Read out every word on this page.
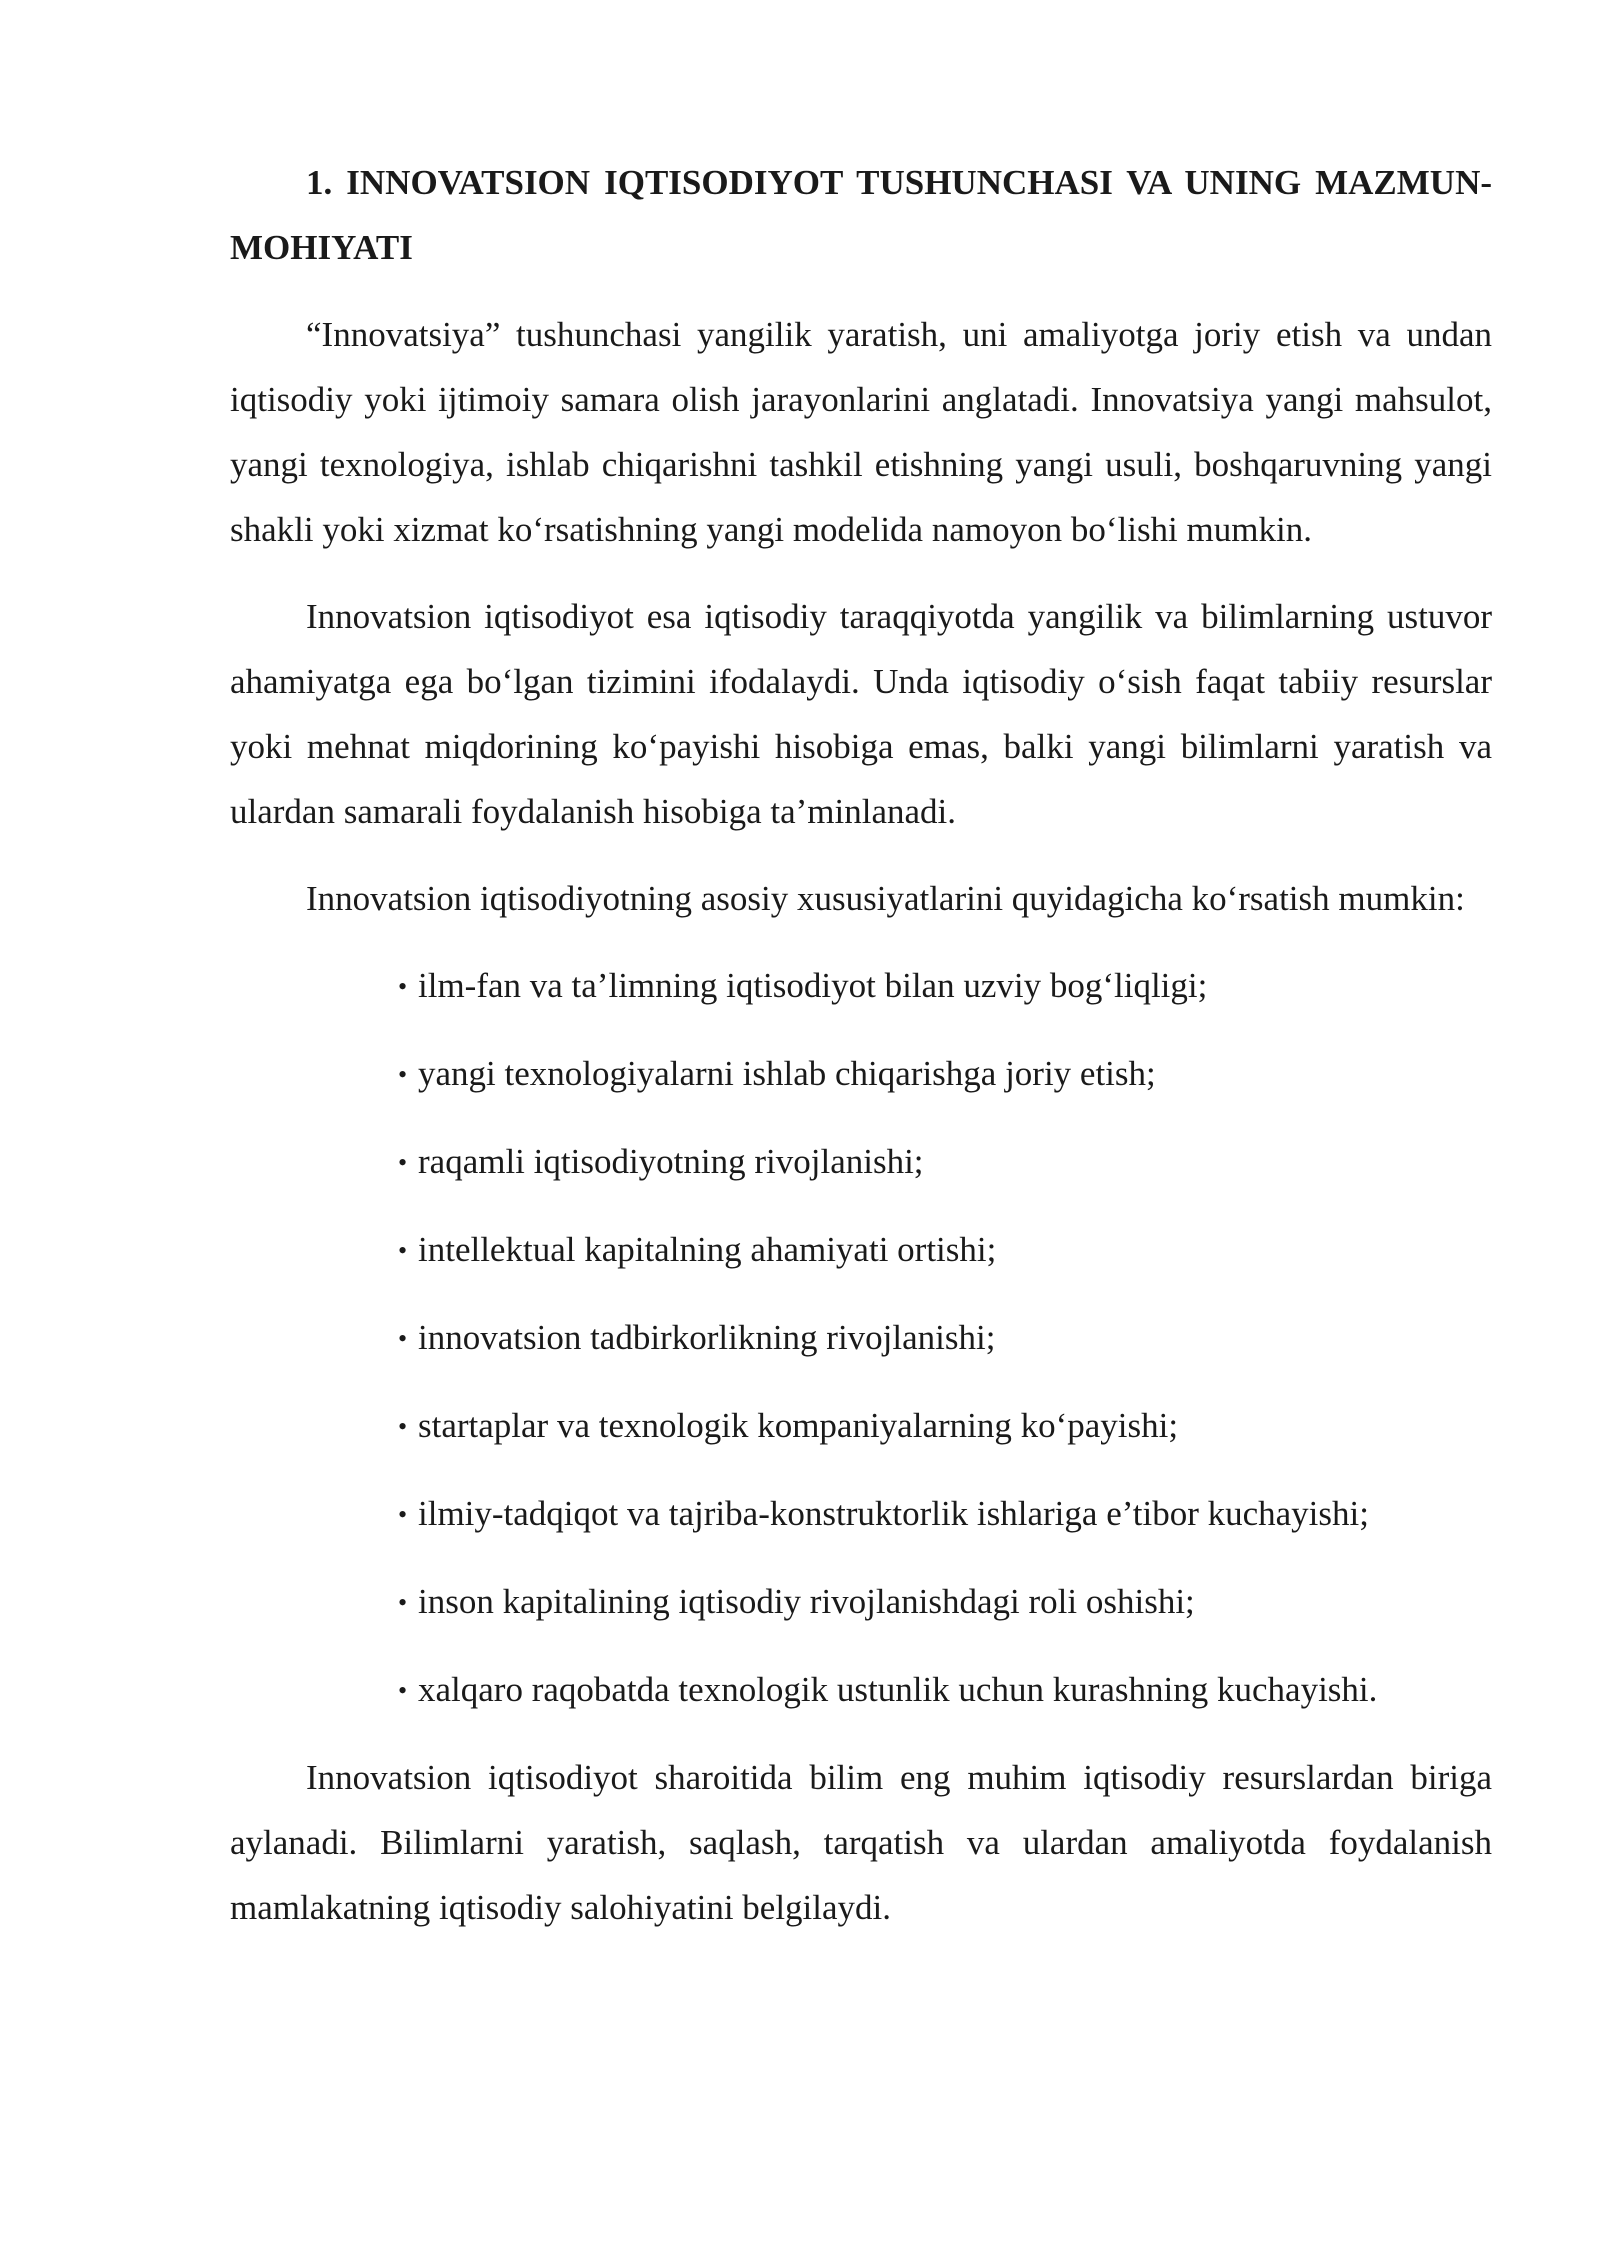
1. INNOVATSION IQTISODIYOT TUSHUNCHASI VA UNING MAZMUN-MOHIYATI

“Innovatsiya” tushunchasi yangilik yaratish, uni amaliyotga joriy etish va undan iqtisodiy yoki ijtimoiy samara olish jarayonlarini anglatadi. Innovatsiya yangi mahsulot, yangi texnologiya, ishlab chiqarishni tashkil etishning yangi usuli, boshqaruvning yangi shakli yoki xizmat ko‘rsatishning yangi modelida namoyon bo‘lishi mumkin.

Innovatsion iqtisodiyot esa iqtisodiy taraqqiyotda yangilik va bilimlarning ustuvor ahamiyatga ega bo‘lgan tizimini ifodalaydi. Unda iqtisodiy o‘sish faqat tabiiy resurslar yoki mehnat miqdorining ko‘payishi hisobiga emas, balki yangi bilimlarni yaratish va ulardan samarali foydalanish hisobiga ta’minlanadi.

Innovatsion iqtisodiyotning asosiy xususiyatlarini quyidagicha ko‘rsatish mumkin:

• ilm-fan va ta’limning iqtisodiyot bilan uzviy bog‘liqligi;
• yangi texnologiyalarni ishlab chiqarishga joriy etish;
• raqamli iqtisodiyotning rivojlanishi;
• intellektual kapitalning ahamiyati ortishi;
• innovatsion tadbirkorlikning rivojlanishi;
• startaplar va texnologik kompaniyalarning ko‘payishi;
• ilmiy-tadqiqot va tajriba-konstruktorlik ishlariga e’tibor kuchayishi;
• inson kapitalining iqtisodiy rivojlanishdagi roli oshishi;
• xalqaro raqobatda texnologik ustunlik uchun kurashning kuchayishi.

Innovatsion iqtisodiyot sharoitida bilim eng muhim iqtisodiy resurslardan biriga aylanadi. Bilimlarni yaratish, saqlash, tarqatish va ulardan amaliyotda foydalanish mamlakatning iqtisodiy salohiyatini belgilaydi.
